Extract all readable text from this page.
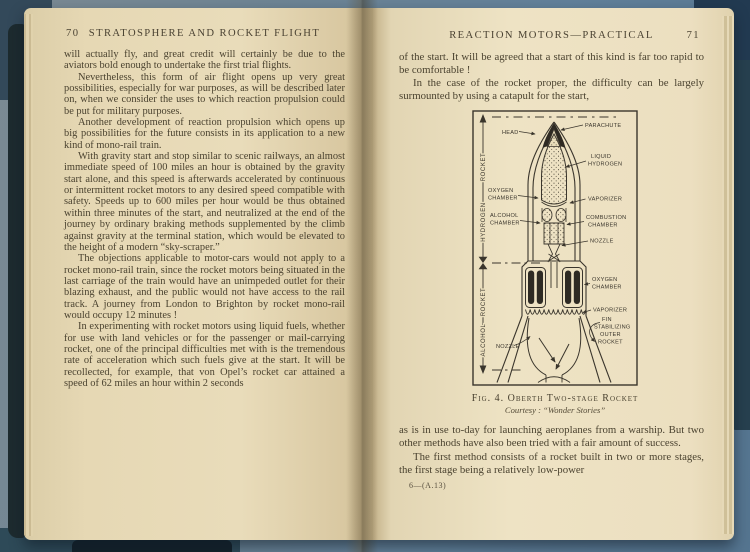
70 STRATOSPHERE AND ROCKET FLIGHT

will actually fly, and great credit will certainly be due to the aviators bold enough to undertake the first trial flights.

Nevertheless, this form of air flight opens up very great possibilities, especially for war purposes, as will be described later on, when we consider the uses to which reaction propulsion could be put for military purposes.

Another development of reaction propulsion which opens up big possibilities for the future consists in its application to a new kind of mono-rail train.

With gravity start and stop similar to scenic railways, an almost immediate speed of 100 miles an hour is obtained by the gravity start alone, and this speed is afterwards accelerated by continuous or intermittent rocket motors to any desired speed compatible with safety. Speeds up to 600 miles per hour would be thus obtained within three minutes of the start, and neutralized at the end of the journey by ordinary braking methods supplemented by the climb against gravity at the terminal station, which would be elevated to the height of a modern “sky-scraper.”

The objections applicable to motor-cars would not apply to a rocket mono-rail train, since the rocket motors being situated in the last carriage of the train would have an unimpeded outlet for their blazing exhaust, and the public would not have access to the rail track. A journey from London to Brighton by rocket mono-rail would occupy 12 minutes !

In experimenting with rocket motors using liquid fuels, whether for use with land vehicles or for the passenger or mail-carrying rocket, one of the principal difficulties met with is the tremendous rate of acceleration which such fuels give at the start. It will be recollected, for example, that von Opel’s rocket car attained a speed of 62 miles an hour within 2 seconds

REACTION MOTORS—PRACTICAL	71

of the start. It will be agreed that a start of this kind is far too rapid to be comfortable !

In the case of the rocket proper, the difficulty can be largely surmounted by using a catapult for the start,

ROCKET
HYDROGEN
ROCKET
ALCOHOL
HEAD
OXYGEN
CHAMBER
ALCOHOL
CHAMBER
NOZZLE
PARACHUTE
LIQUID
HYDROGEN
VAPORIZER
COMBUSTION
CHAMBER
NOZZLE
OXYGEN
CHAMBER
VAPORIZER
FIN
STABILIZING
OUTER
ROCKET
Fig. 4. Oberth Two-stage Rocket
Courtesy : “Wonder Stories”

as is in use to-day for launching aeroplanes from a warship. But two other methods have also been tried with a fair amount of success.

The first method consists of a rocket built in two or more stages, the first stage being a relatively low-power

6—(A.13)
